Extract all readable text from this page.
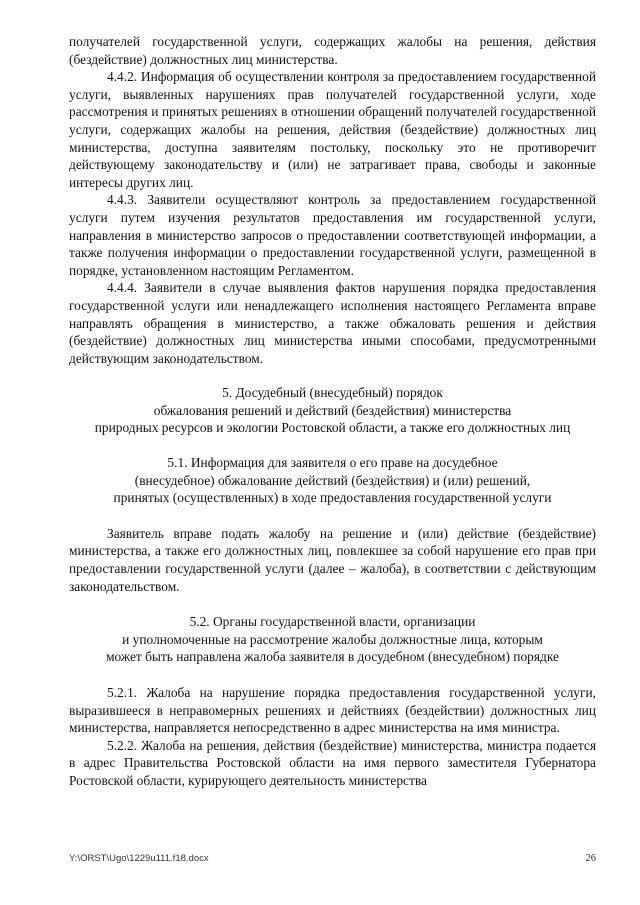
получателей государственной услуги, содержащих жалобы на решения, действия (бездействие) должностных лиц министерства.

4.4.2. Информация об осуществлении контроля за предоставлением государственной услуги, выявленных нарушениях прав получателей государственной услуги, ходе рассмотрения и принятых решениях в отношении обращений получателей государственной услуги, содержащих жалобы на решения, действия (бездействие) должностных лиц министерства, доступна заявителям постольку, поскольку это не противоречит действующему законодательству и (или) не затрагивает права, свободы и законные интересы других лиц.

4.4.3. Заявители осуществляют контроль за предоставлением государственной услуги путем изучения результатов предоставления им государственной услуги, направления в министерство запросов о предоставлении соответствующей информации, а также получения информации о предоставлении государственной услуги, размещенной в порядке, установленном настоящим Регламентом.

4.4.4. Заявители в случае выявления фактов нарушения порядка предоставления государственной услуги или ненадлежащего исполнения настоящего Регламента вправе направлять обращения в министерство, а также обжаловать решения и действия (бездействие) должностных лиц министерства иными способами, предусмотренными действующим законодательством.

5. Досудебный (внесудебный) порядок

обжалования решений и действий (бездействия) министерства

природных ресурсов и экологии Ростовской области, а также его должностных лиц

5.1. Информация для заявителя о его праве на досудебное

(внесудебное) обжалование действий (бездействия) и (или) решений,

принятых (осуществленных) в ходе предоставления государственной услуги

Заявитель вправе подать жалобу на решение и (или) действие (бездействие) министерства, а также его должностных лиц, повлекшее за собой нарушение его прав при предоставлении государственной услуги (далее – жалоба), в соответствии с действующим законодательством.

5.2. Органы государственной власти, организации

и уполномоченные на рассмотрение жалобы должностные лица, которым

может быть направлена жалоба заявителя в досудебном (внесудебном) порядке

5.2.1. Жалоба на нарушение порядка предоставления государственной услуги, выразившееся в неправомерных решениях и действиях (бездействии) должностных лиц министерства, направляется непосредственно в адрес министерства на имя министра.

5.2.2. Жалоба на решения, действия (бездействие) министерства, министра подается в адрес Правительства Ростовской области на имя первого заместителя Губернатора Ростовской области, курирующего деятельность министерства

Y:\ORST\Ugo\1229u111.f18.docx	26
